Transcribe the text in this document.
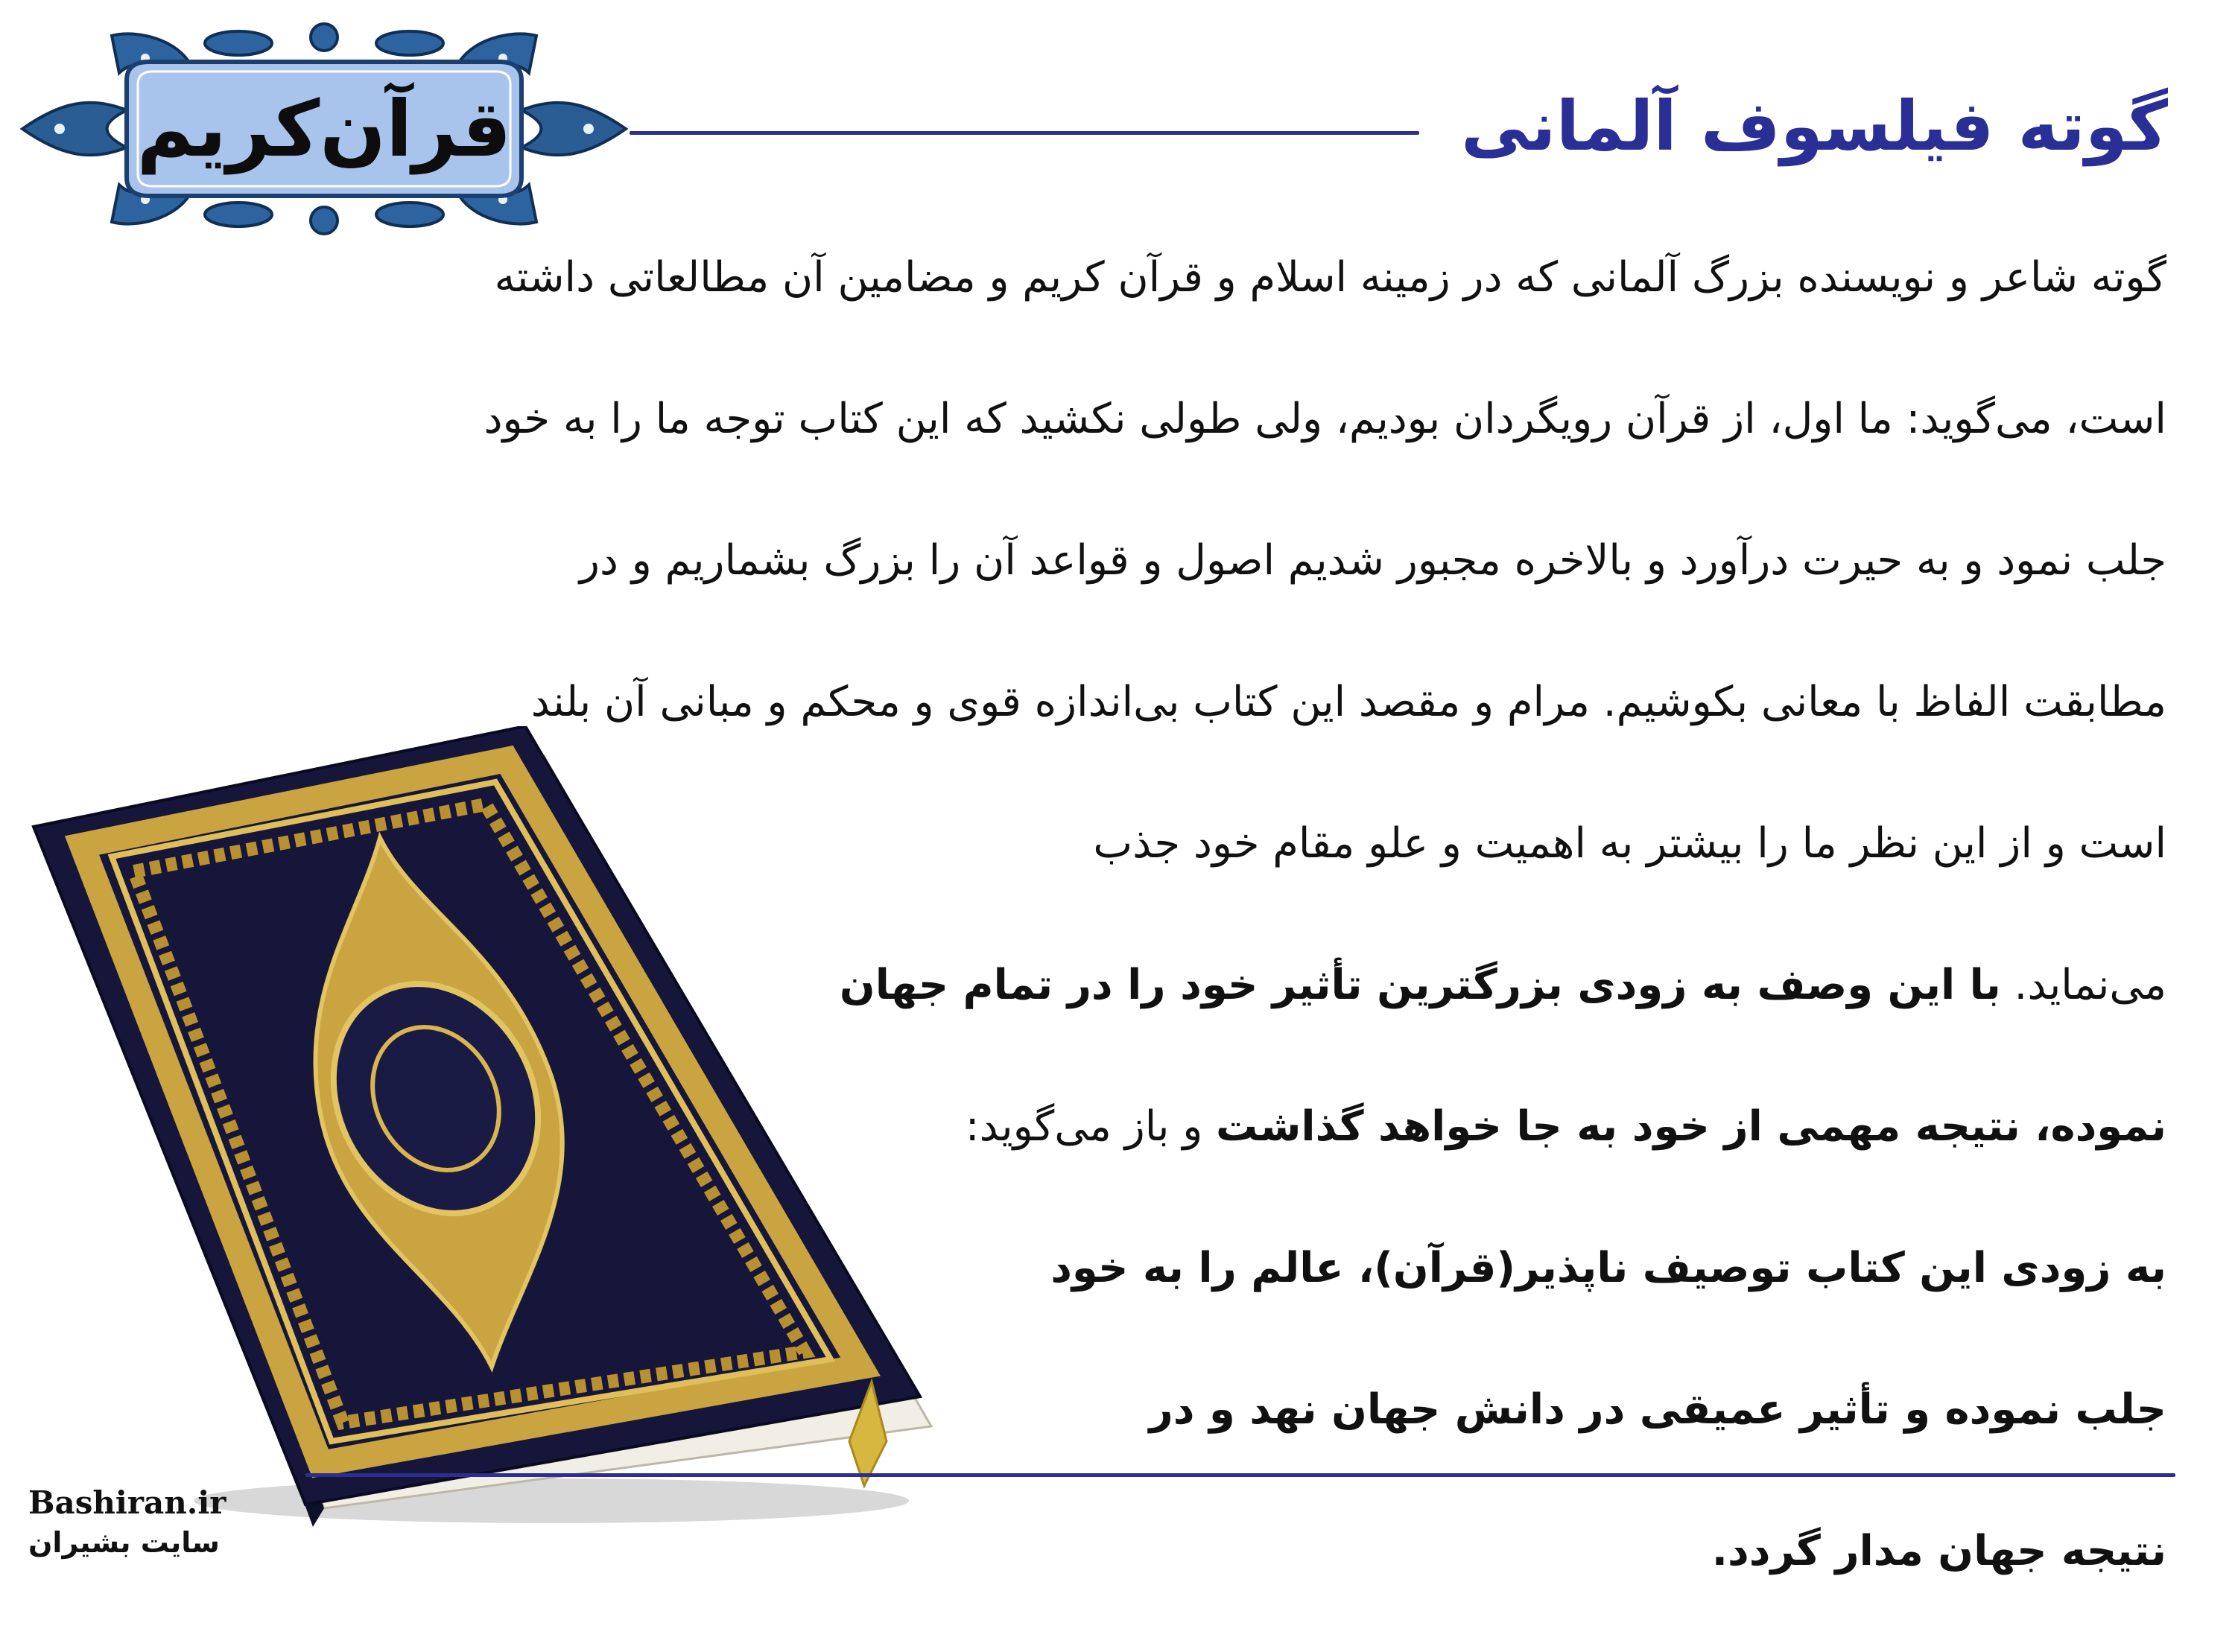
قرآن‌کریم	گوته فیلسوف آلمانی
گوته شاعر و نویسنده بزرگ آلمانی که در زمینه اسلام و قرآن کریم و مضامین آن مطالعاتی داشته
است، می‌گوید: ما اول، از قرآن رویگردان بودیم، ولی طولی نکشید که این کتاب توجه ما را به خود
جلب نمود و به حیرت درآورد و بالاخره مجبور شدیم اصول و قواعد آن را بزرگ بشماریم و در
مطابقت الفاظ با معانی بکوشیم. مرام و مقصد این کتاب بی‌اندازه قوی و محکم و مبانی آن بلند
است و از این نظر ما را بیشتر به اهمیت و علو مقام خود جذب
می‌نماید. با این وصف به زودی بزرگترین تأثیر خود را در تمام جهان
نموده، نتیجه مهمی از خود به جا خواهد گذاشت و باز می‌گوید:
به زودی این کتاب توصیف ناپذیر(قرآن)، عالم را به خود
جلب نموده و تأثیر عمیقی در دانش جهان نهد و در
نتیجه جهان مدار گردد.
Bashiran.ir
سایت بشیران
